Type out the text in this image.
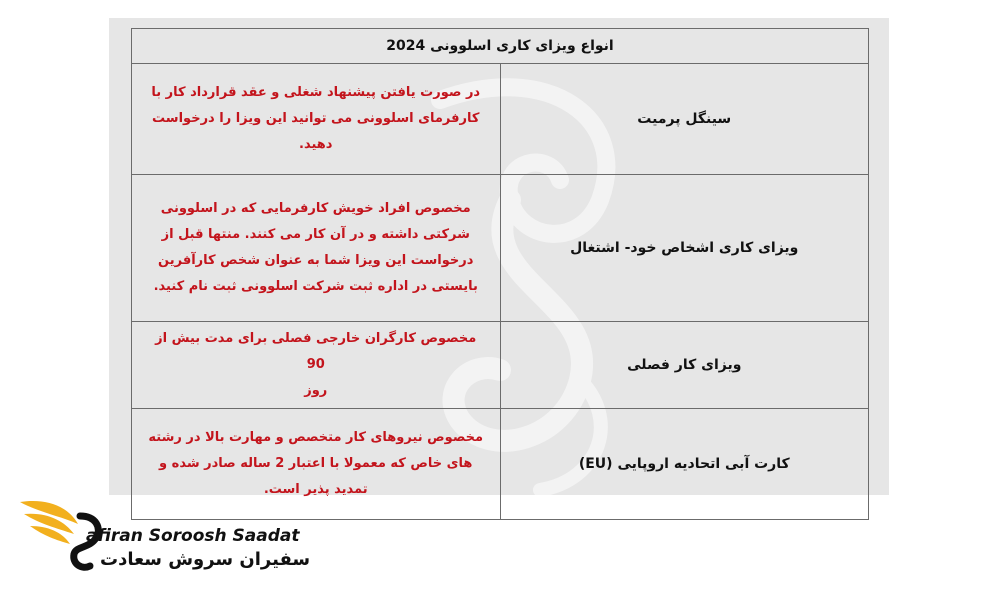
انواع ویزای کاری اسلوونی 2024	

در صورت یافتن پیشنهاد شغلی و عقد قرارداد کار با
کارفرمای اسلوونی می توانید این ویزا را درخواست
دهید.	سینگل پرمیت

مخصوص افراد خویش کارفرمایی که در اسلوونی
شرکتی داشته و در آن کار می کنند. منتها قبل از
درخواست این ویزا شما به عنوان شخص کارآفرین
بایستی در اداره ثبت شرکت اسلوونی ثبت نام کنید.	ویزای کاری اشخاص خود- اشتغال

مخصوص کارگران خارجی فصلی برای مدت بیش از 90
روز	ویزای کار فصلی

مخصوص نیروهای کار متخصص و مهارت بالا در رشته
های خاص که معمولا با اعتبار 2 ساله صادر شده و
تمدید پذیر است.	کارت آبی اتحادیه اروپایی (EU)
afiran Soroosh Saadat
سفیران سروش سعادت
